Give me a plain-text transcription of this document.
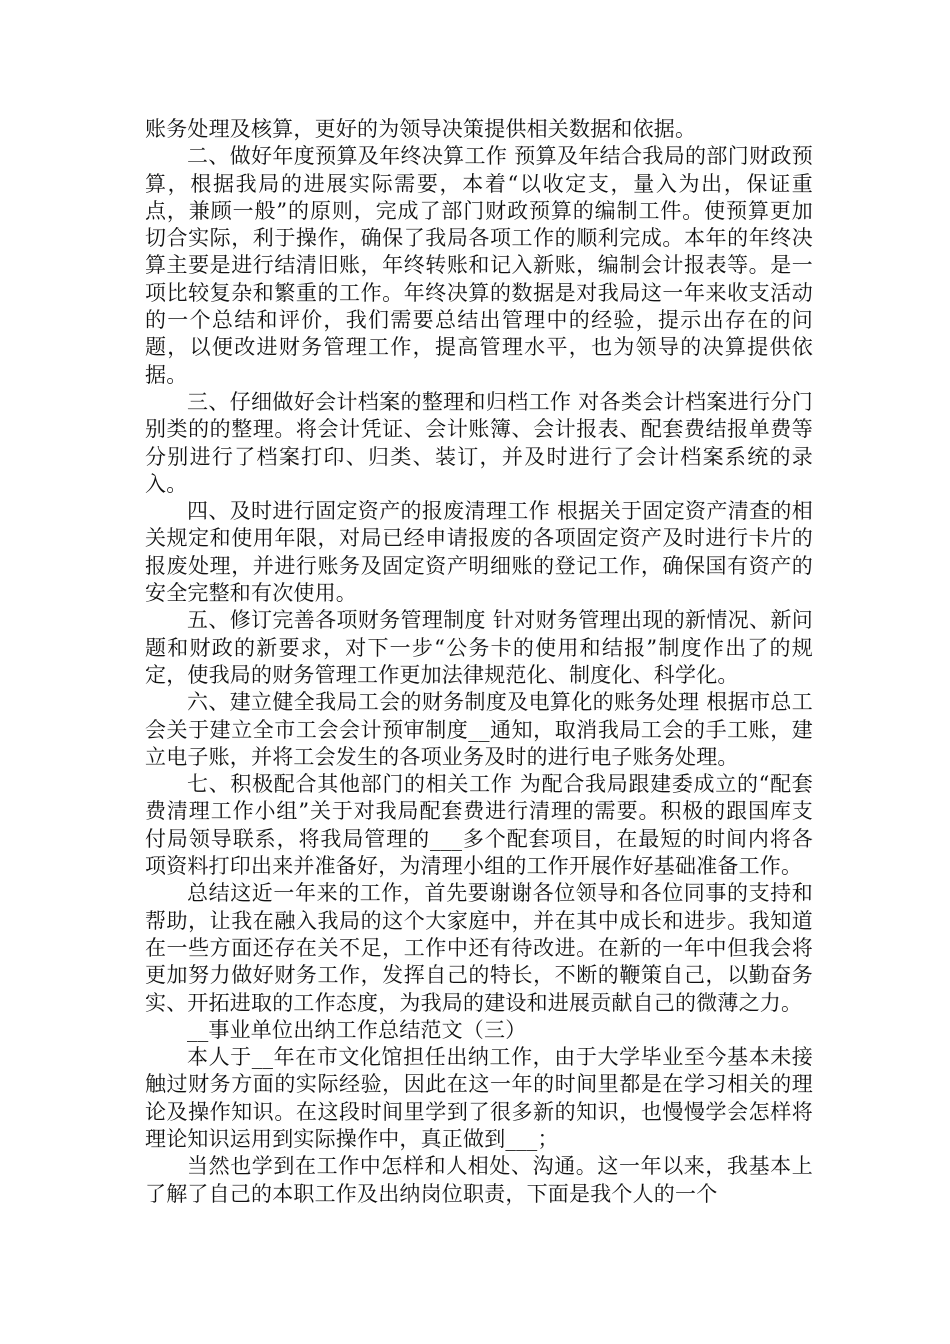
账务处理及核算，更好的为领导决策提供相关数据和依据。

二、做好年度预算及年终决算工作 预算及年结合我局的部门财政预算，根据我局的进展实际需要，本着“以收定支，量入为出，保证重点，兼顾一般”的原则，完成了部门财政预算的编制工件。使预算更加切合实际，利于操作，确保了我局各项工作的顺利完成。本年的年终决算主要是进行结清旧账，年终转账和记入新账，编制会计报表等。是一项比较复杂和繁重的工作。年终决算的数据是对我局这一年来收支活动的一个总结和评价，我们需要总结出管理中的经验，提示出存在的问题，以便改进财务管理工作，提高管理水平，也为领导的决算提供依据。

三、仔细做好会计档案的整理和归档工作 对各类会计档案进行分门别类的的整理。将会计凭证、会计账簿、会计报表、配套费结报单费等分别进行了档案打印、归类、装订，并及时进行了会计档案系统的录入。

四、及时进行固定资产的报废清理工作 根据关于固定资产清查的相关规定和使用年限，对局已经申请报废的各项固定资产及时进行卡片的报废处理，并进行账务及固定资产明细账的登记工作，确保国有资产的安全完整和有次使用。

五、修订完善各项财务管理制度 针对财务管理出现的新情况、新问题和财政的新要求，对下一步“公务卡的使用和结报”制度作出了的规定，使我局的财务管理工作更加法律规范化、制度化、科学化。

六、建立健全我局工会的财务制度及电算化的账务处理 根据市总工会关于建立全市工会会计预审制度__通知，取消我局工会的手工账，建立电子账，并将工会发生的各项业务及时的进行电子账务处理。

七、积极配合其他部门的相关工作 为配合我局跟建委成立的“配套费清理工作小组”关于对我局配套费进行清理的需要。积极的跟国库支付局领导联系，将我局管理的___多个配套项目，在最短的时间内将各项资料打印出来并准备好，为清理小组的工作开展作好基础准备工作。

总结这近一年来的工作，首先要谢谢各位领导和各位同事的支持和帮助，让我在融入我局的这个大家庭中，并在其中成长和进步。我知道在一些方面还存在关不足，工作中还有待改进。在新的一年中但我会将更加努力做好财务工作，发挥自己的特长，不断的鞭策自己，以勤奋务实、开拓进取的工作态度，为我局的建设和进展贡献自己的微薄之力。

__事业单位出纳工作总结范文（三）

本人于__年在市文化馆担任出纳工作，由于大学毕业至今基本未接触过财务方面的实际经验，因此在这一年的时间里都是在学习相关的理论及操作知识。在这段时间里学到了很多新的知识，也慢慢学会怎样将理论知识运用到实际操作中，真正做到___；

当然也学到在工作中怎样和人相处、沟通。这一年以来，我基本上了解了自己的本职工作及出纳岗位职责，下面是我个人的一个
